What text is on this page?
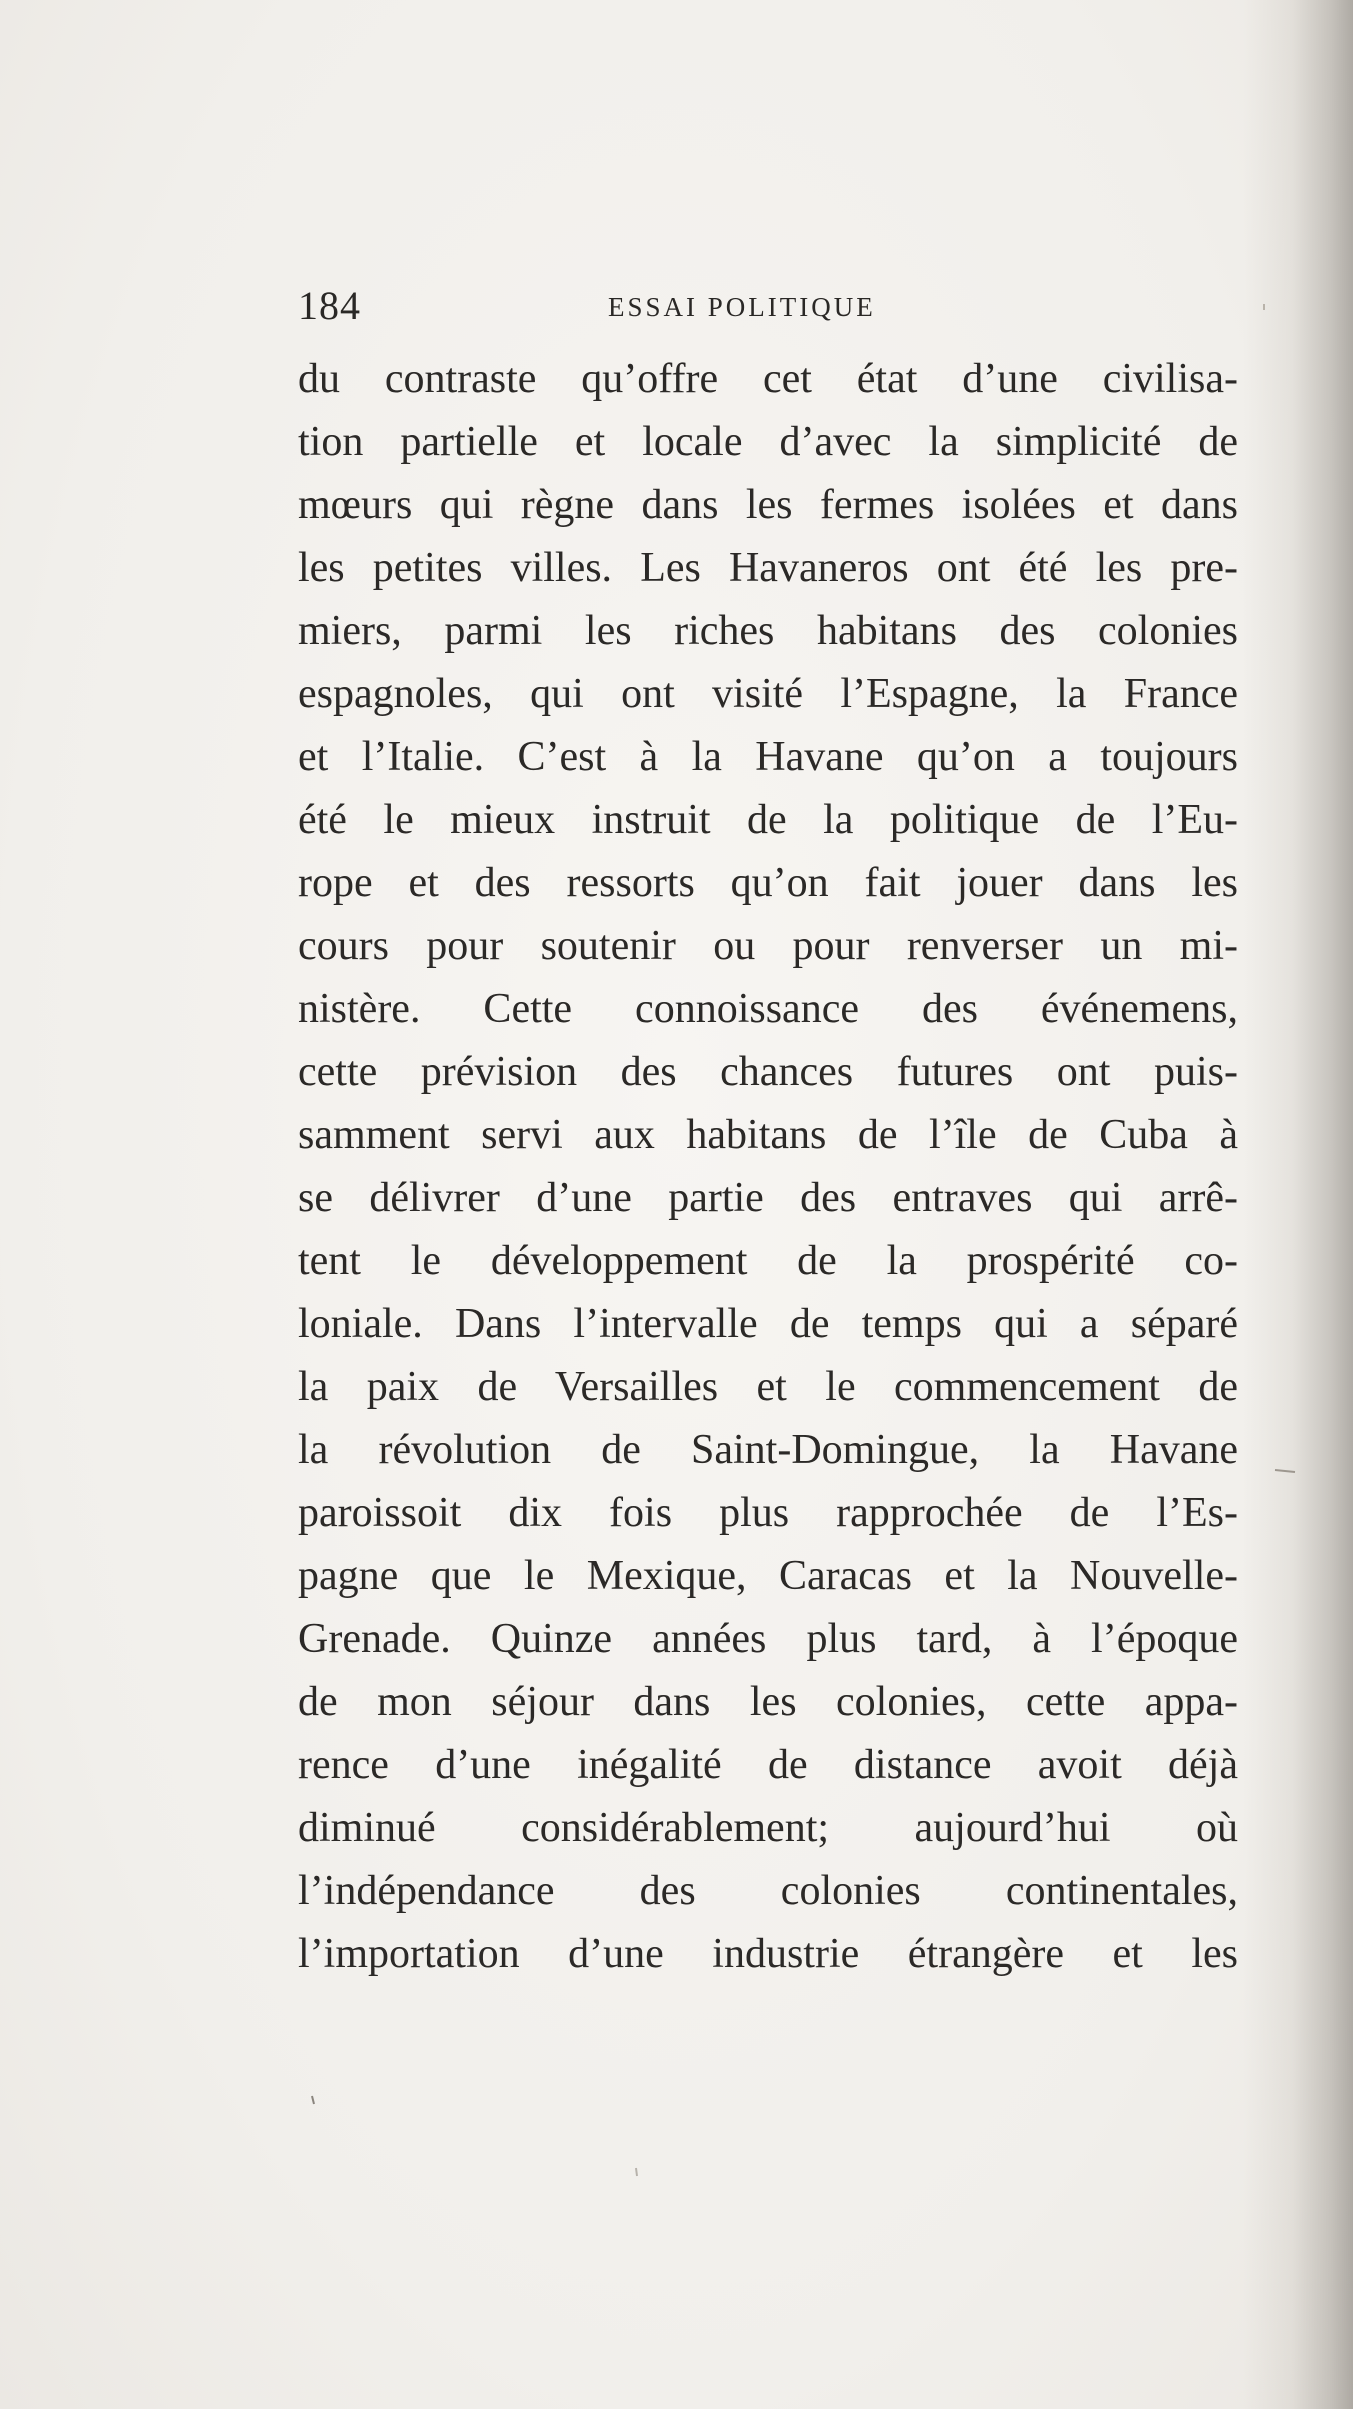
184	ESSAI POLITIQUE
du contraste qu’offre cet état d’une civilisa-
tion partielle et locale d’avec la simplicité de
mœurs qui règne dans les fermes isolées et dans
les petites villes. Les Havaneros ont été les pre-
miers, parmi les riches habitans des colonies
espagnoles, qui ont visité l’Espagne, la France
et l’Italie. C’est à la Havane qu’on a toujours
été le mieux instruit de la politique de l’Eu-
rope et des ressorts qu’on fait jouer dans les
cours pour soutenir ou pour renverser un mi-
nistère. Cette connoissance des événemens,
cette prévision des chances futures ont puis-
samment servi aux habitans de l’île de Cuba à
se délivrer d’une partie des entraves qui arrê-
tent le développement de la prospérité co-
loniale. Dans l’intervalle de temps qui a séparé
la paix de Versailles et le commencement de
la révolution de Saint-Domingue, la Havane
paroissoit dix fois plus rapprochée de l’Es-
pagne que le Mexique, Caracas et la Nouvelle-
Grenade. Quinze années plus tard, à l’époque
de mon séjour dans les colonies, cette appa-
rence d’une inégalité de distance avoit déjà
diminué considérablement; aujourd’hui où
l’indépendance des colonies continentales,
l’importation d’une industrie étrangère et les
